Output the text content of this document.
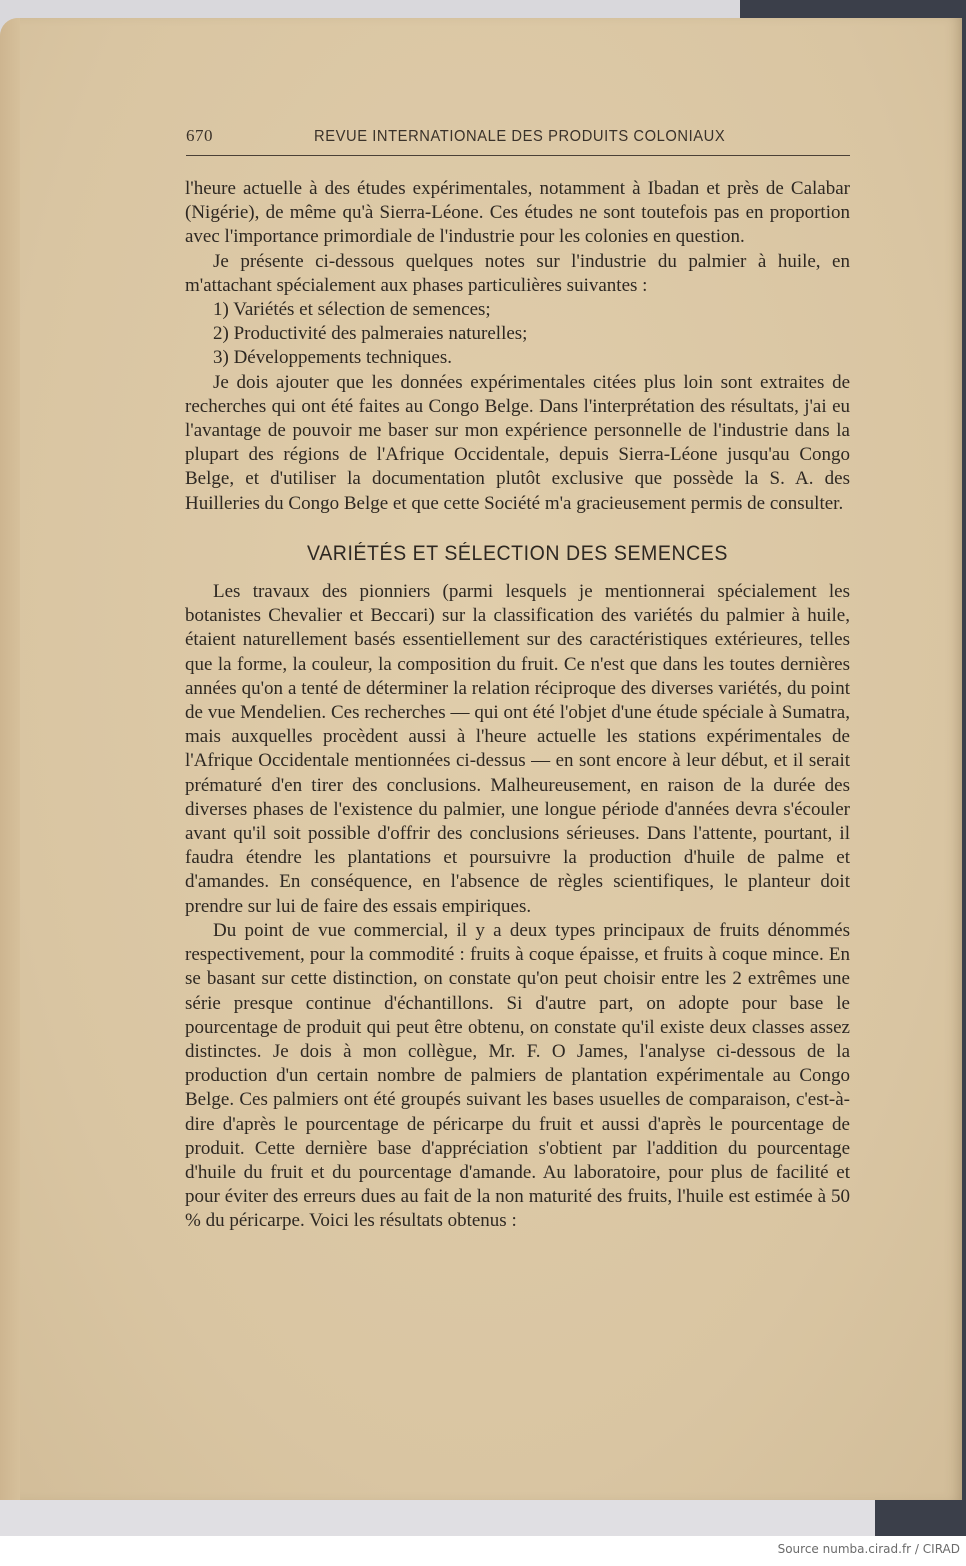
670	REVUE INTERNATIONALE DES PRODUITS COLONIAUX

l'heure actuelle à des études expérimentales, notamment à Ibadan et près de Calabar (Nigérie), de même qu'à Sierra-Léone. Ces études ne sont toutefois pas en proportion avec l'importance primordiale de l'industrie pour les colonies en question.

Je présente ci-dessous quelques notes sur l'industrie du palmier à huile, en m'attachant spécialement aux phases particulières suivantes :

1) Variétés et sélection de semences;

2) Productivité des palmeraies naturelles;

3) Développements techniques.

Je dois ajouter que les données expérimentales citées plus loin sont extraites de recherches qui ont été faites au Congo Belge. Dans l'interprétation des résultats, j'ai eu l'avantage de pouvoir me baser sur mon expérience personnelle de l'industrie dans la plupart des régions de l'Afrique Occidentale, depuis Sierra-Léone jusqu'au Congo Belge, et d'utiliser la documentation plutôt exclusive que possède la S. A. des Huilleries du Congo Belge et que cette Société m'a gracieusement permis de consulter.

VARIÉTÉS ET SÉLECTION DES SEMENCES

Les travaux des pionniers (parmi lesquels je mentionnerai spécialement les botanistes Chevalier et Beccari) sur la classification des variétés du palmier à huile, étaient naturellement basés essentiellement sur des caractéristiques extérieures, telles que la forme, la couleur, la composition du fruit. Ce n'est que dans les toutes dernières années qu'on a tenté de déterminer la relation réciproque des diverses variétés, du point de vue Mendelien. Ces recherches — qui ont été l'objet d'une étude spéciale à Sumatra, mais auxquelles procèdent aussi à l'heure actuelle les stations expérimentales de l'Afrique Occidentale mentionnées ci-dessus — en sont encore à leur début, et il serait prématuré d'en tirer des conclusions. Malheureusement, en raison de la durée des diverses phases de l'existence du palmier, une longue période d'années devra s'écouler avant qu'il soit possible d'offrir des conclusions sérieuses. Dans l'attente, pourtant, il faudra étendre les plantations et poursuivre la production d'huile de palme et d'amandes. En conséquence, en l'absence de règles scientifiques, le planteur doit prendre sur lui de faire des essais empiriques.

Du point de vue commercial, il y a deux types principaux de fruits dénommés respectivement, pour la commodité : fruits à coque épaisse, et fruits à coque mince. En se basant sur cette distinction, on constate qu'on peut choisir entre les 2 extrêmes une série presque continue d'échantillons. Si d'autre part, on adopte pour base le pourcentage de produit qui peut être obtenu, on constate qu'il existe deux classes assez distinctes. Je dois à mon collègue, Mr. F. O James, l'analyse ci-dessous de la production d'un certain nombre de palmiers de plantation expérimentale au Congo Belge. Ces palmiers ont été groupés suivant les bases usuelles de comparaison, c'est-à-dire d'après le pourcentage de péricarpe du fruit et aussi d'après le pourcentage de produit. Cette dernière base d'appréciation s'obtient par l'addition du pourcentage d'huile du fruit et du pourcentage d'amande. Au laboratoire, pour plus de facilité et pour éviter des erreurs dues au fait de la non maturité des fruits, l'huile est estimée à 50 % du péricarpe. Voici les résultats obtenus :

Source numba.cirad.fr / CIRAD
